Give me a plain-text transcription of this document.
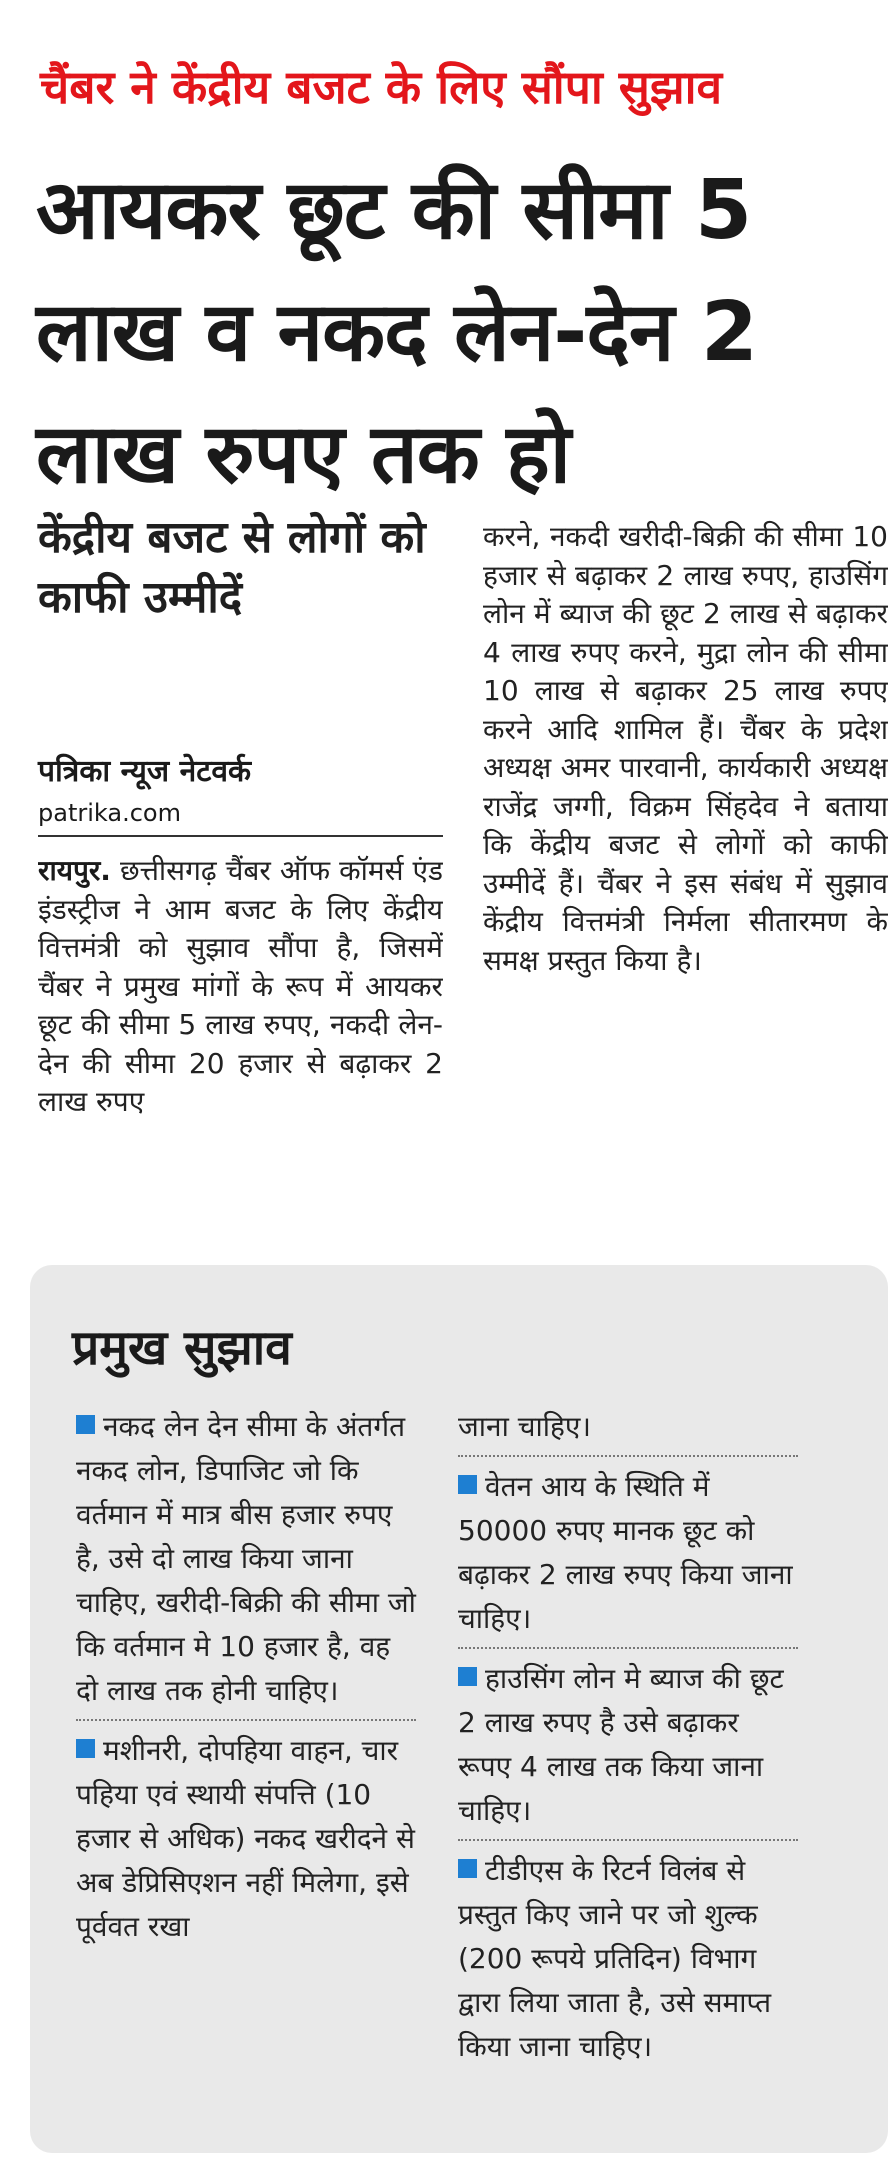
चैंबर ने केंद्रीय बजट के लिए सौंपा सुझाव
आयकर छूट की सीमा 5 लाख व नकद लेन-देन 2 लाख रुपए तक हो
केंद्रीय बजट से लोगों को काफी उम्मीदें
पत्रिका न्यूज नेटवर्क
patrika.com
रायपुर. छत्तीसगढ़ चैंबर ऑफ कॉमर्स एंड इंडस्ट्रीज ने आम बजट के लिए केंद्रीय वित्तमंत्री को सुझाव सौंपा है, जिसमें चैंबर ने प्रमुख मांगों के रूप में आयकर छूट की सीमा 5 लाख रुपए, नकदी लेन-देन की सीमा 20 हजार से बढ़ाकर 2 लाख रुपए
करने, नकदी खरीदी-बिक्री की सीमा 10 हजार से बढ़ाकर 2 लाख रुपए, हाउसिंग लोन में ब्याज की छूट 2 लाख से बढ़ाकर 4 लाख रुपए करने, मुद्रा लोन की सीमा 10 लाख से बढ़ाकर 25 लाख रुपए करने आदि शामिल हैं। चैंबर के प्रदेश अध्यक्ष अमर पारवानी, कार्यकारी अध्यक्ष राजेंद्र जग्गी, विक्रम सिंहदेव ने बताया कि केंद्रीय बजट से लोगों को काफी उम्मीदें हैं। चैंबर ने इस संबंध में सुझाव केंद्रीय वित्तमंत्री निर्मला सीतारमण के समक्ष प्रस्तुत किया है।
प्रमुख सुझाव
नकद लेन देन सीमा के अंतर्गत नकद लोन, डिपाजिट जो कि वर्तमान में मात्र बीस हजार रुपए है, उसे दो लाख किया जाना चाहिए, खरीदी-बिक्री की सीमा जो कि वर्तमान मे 10 हजार है, वह दो लाख तक होनी चाहिए।
मशीनरी, दोपहिया वाहन, चार पहिया एवं स्थायी संपत्ति (10 हजार से अधिक) नकद खरीदने से अब डेप्रिसिएशन नहीं मिलेगा, इसे पूर्ववत रखा
जाना चाहिए।
वेतन आय के स्थिति में 50000 रुपए मानक छूट को बढ़ाकर 2 लाख रुपए किया जाना चाहिए।
हाउसिंग लोन मे ब्याज की छूट 2 लाख रुपए है उसे बढ़ाकर रूपए 4 लाख तक किया जाना चाहिए।
टीडीएस के रिटर्न विलंब से प्रस्तुत किए जाने पर जो शुल्क (200 रूपये प्रतिदिन) विभाग द्वारा लिया जाता है, उसे समाप्त किया जाना चाहिए।
